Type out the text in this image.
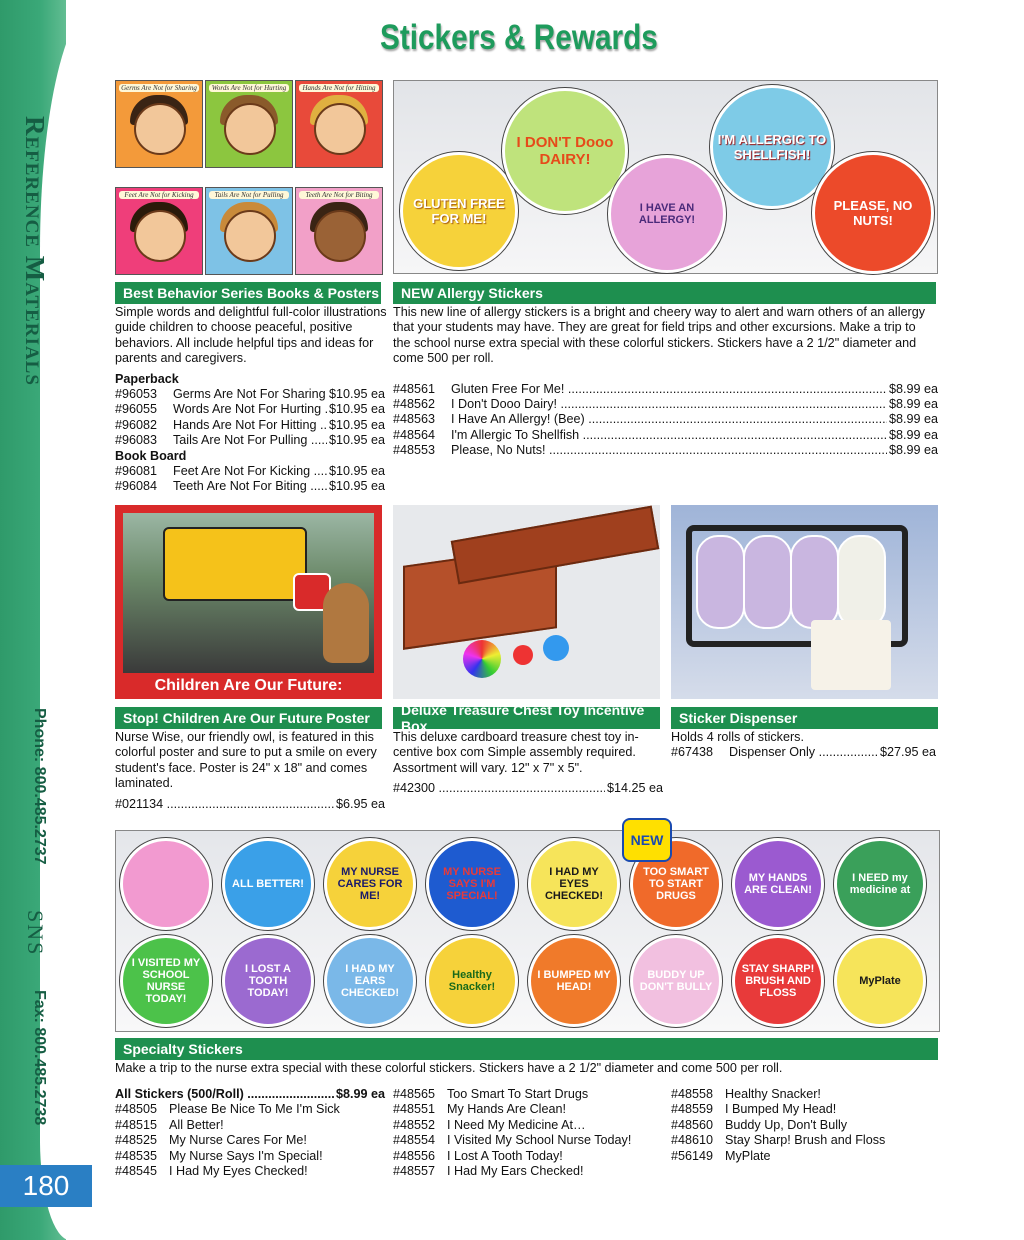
Reference Materials
Phone: 800.485.2737
SNS
Fax: 800.485.2738
180
Stickers & Rewards
Germs Are Not for Sharing	Words Are Not for Hurting	Hands Are Not for Hitting
Feet Are Not for Kicking	Tails Are Not for Pulling	Teeth Are Not for Biting
Best Behavior Series Books & Posters
Simple words and delightful full-color illustrations
guide children to choose peaceful, positive
behaviors. All include helpful tips and ideas for
parents and caregivers.
Paperback
#96053	Germs Are Not For Sharing ..... $10.95 ea
#96055	Words Are Not For Hurting ..... $10.95 ea
#96082	Hands Are Not For Hitting ..... $10.95 ea
#96083	Tails Are Not For Pulling .....	$10.95 ea
Book Board
#96081	Feet Are Not For Kicking .....	$10.95 ea
#96084	Teeth Are Not For Biting .....	$10.95 ea
GLUTEN FREE FOR ME!
I DON'T Dooo DAIRY!
I HAVE AN ALLERGY!
I'M ALLERGIC TO SHELLFISH!
PLEASE, NO NUTS!
NEW Allergy Stickers
This new line of allergy stickers is a bright and cheery way to alert and warn others of an allergy
that your students may have. They are great for field trips and other excursions. Make a trip to
the school nurse extra special with these colorful stickers. Stickers have a 2 1/2" diameter and
come 500 per roll.
#48561	Gluten Free For Me! .....	$8.99 ea
#48562	I Don't Dooo Dairy! .....	$8.99 ea
#48563	I Have An Allergy! (Bee) .....	$8.99 ea
#48564	I'm Allergic To Shellfish .....	$8.99 ea
#48553	Please, No Nuts! .....	$8.99 ea
Children Are Our Future:
Stop! Children Are Our Future Poster
Nurse Wise, our friendly owl, is featured in this
colorful poster and sure to put a smile on every
student's face. Poster is 24" x 18" and comes
laminated.
#021134 .....	$6.95 ea
Deluxe Treasure Chest Toy Incentive Box
This deluxe cardboard treasure chest toy in-
centive box com Simple assembly required.
Assortment will vary. 12" x 7" x 5".
#42300 .....	$14.25 ea
Sticker Dispenser
Holds 4 rolls of stickers.
#67438	Dispenser Only .....	$27.95 ea
ALL BETTER!
MY NURSE CARES FOR ME!
MY NURSE SAYS I'M SPECIAL!
I HAD MY EYES CHECKED!
TOO SMART TO START DRUGS
MY HANDS ARE CLEAN!
I NEED my medicine at
I VISITED MY SCHOOL NURSE TODAY!
I LOST A TOOTH TODAY!
I HAD MY EARS CHECKED!
Healthy Snacker!
I BUMPED MY HEAD!
BUDDY UP DON'T BULLY
STAY SHARP! BRUSH AND FLOSS
MyPlate
NEW
Specialty Stickers
Make a trip to the nurse extra special with these colorful stickers. Stickers have a 2 1/2" diameter and come 500 per roll.
All Stickers (500/Roll) .....	$8.99 ea
#48505 Please Be Nice To Me I'm Sick
#48515 All Better!
#48525 My Nurse Cares For Me!
#48535 My Nurse Says I'm Special!
#48545 I Had My Eyes Checked!
#48565 Too Smart To Start Drugs
#48551 My Hands Are Clean!
#48552 I Need My Medicine At…
#48554 I Visited My School Nurse Today!
#48556 I Lost A Tooth Today!
#48557 I Had My Ears Checked!
#48558 Healthy Snacker!
#48559 I Bumped My Head!
#48560 Buddy Up, Don't Bully
#48610 Stay Sharp! Brush and Floss
#56149 MyPlate
